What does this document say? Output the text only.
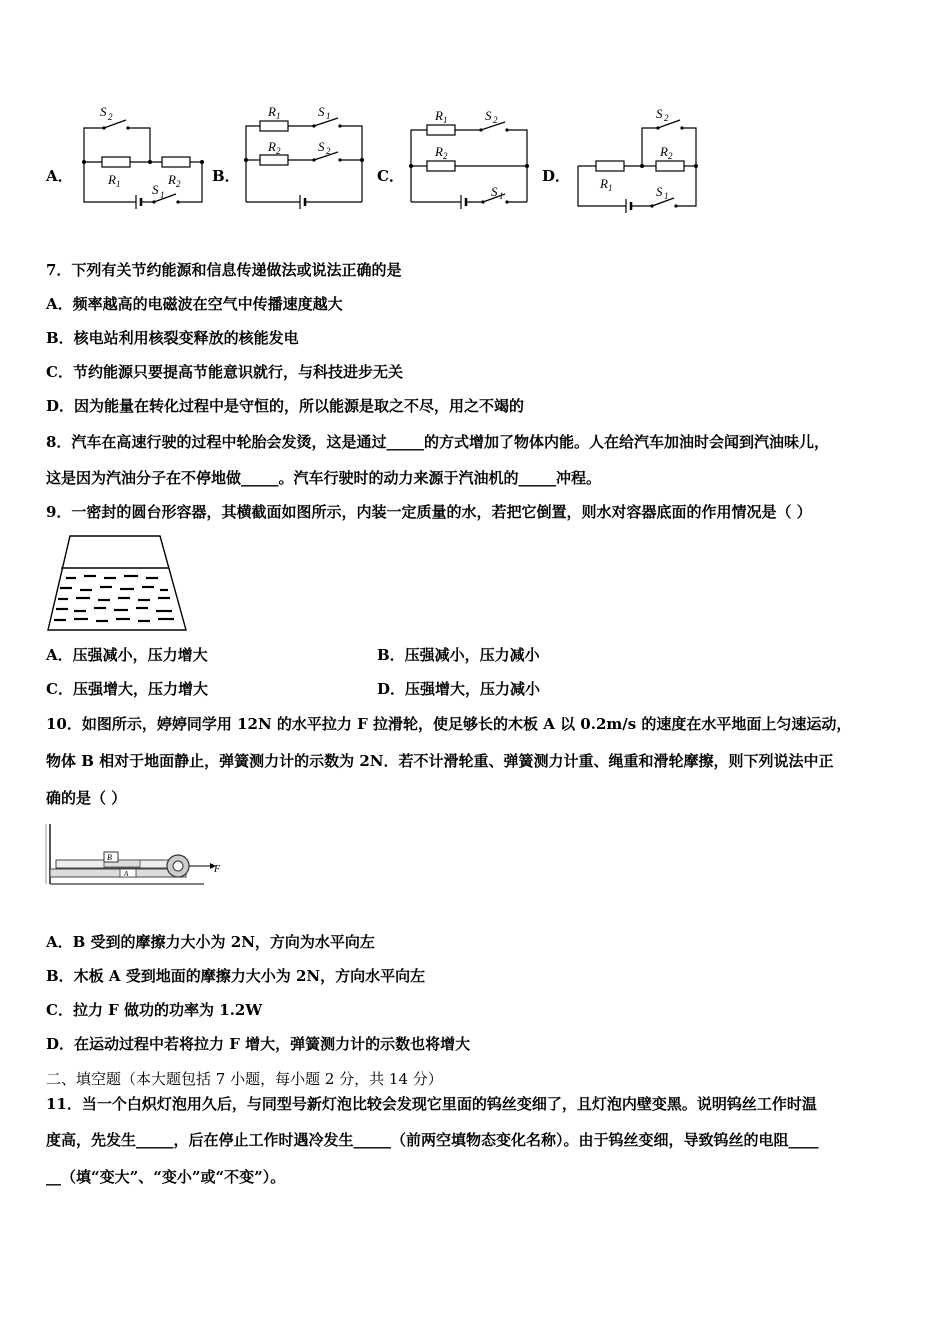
A．	B．	C．	D．
S 2
R 1	R 2
S 1
R 1	S 1
R 2	S 2
R 1	S 2
R 2
S 1
S 2
R 2
R 1	S 1
7．下列有关节约能源和信息传递做法或说法正确的是
A．频率越高的电磁波在空气中传播速度越大
B．核电站利用核裂变释放的核能发电
C．节约能源只要提高节能意识就行，与科技进步无关
D．因为能量在转化过程中是守恒的，所以能源是取之不尽，用之不竭的
8．汽车在高速行驶的过程中轮胎会发烫，这是通过_____的方式增加了物体内能。人在给汽车加油时会闻到汽油味儿，
这是因为汽油分子在不停地做_____。汽车行驶时的动力来源于汽油机的_____冲程。
9．一密封的圆台形容器，其横截面如图所示，内装一定质量的水，若把它倒置，则水对容器底面的作用情况是（ ）
A．压强减小，压力增大	B．压强减小，压力减小
C．压强增大，压力增大	D．压强增大，压力减小
10．如图所示，婷婷同学用 12N 的水平拉力 F 拉滑轮，使足够长的木板 A 以 0.2m/s 的速度在水平地面上匀速运动，
物体 B 相对于地面静止，弹簧测力计的示数为 2N．若不计滑轮重、弹簧测力计重、绳重和滑轮摩擦，则下列说法中正
确的是（ ）
B
A	F
A．B 受到的摩擦力大小为 2N，方向为水平向左
B．木板 A 受到地面的摩擦力大小为 2N，方向水平向左
C．拉力 F 做功的功率为 1.2W
D．在运动过程中若将拉力 F 增大，弹簧测力计的示数也将增大
二、填空题（本大题包括 7 小题，每小题 2 分，共 14 分）
11．当一个白炽灯泡用久后，与同型号新灯泡比较会发现它里面的钨丝变细了，且灯泡内壁变黑。说明钨丝工作时温
度高，先发生_____，后在停止工作时遇冷发生_____（前两空填物态变化名称）。由于钨丝变细，导致钨丝的电阻____
__（填“变大”、“变小”或“不变”）。
